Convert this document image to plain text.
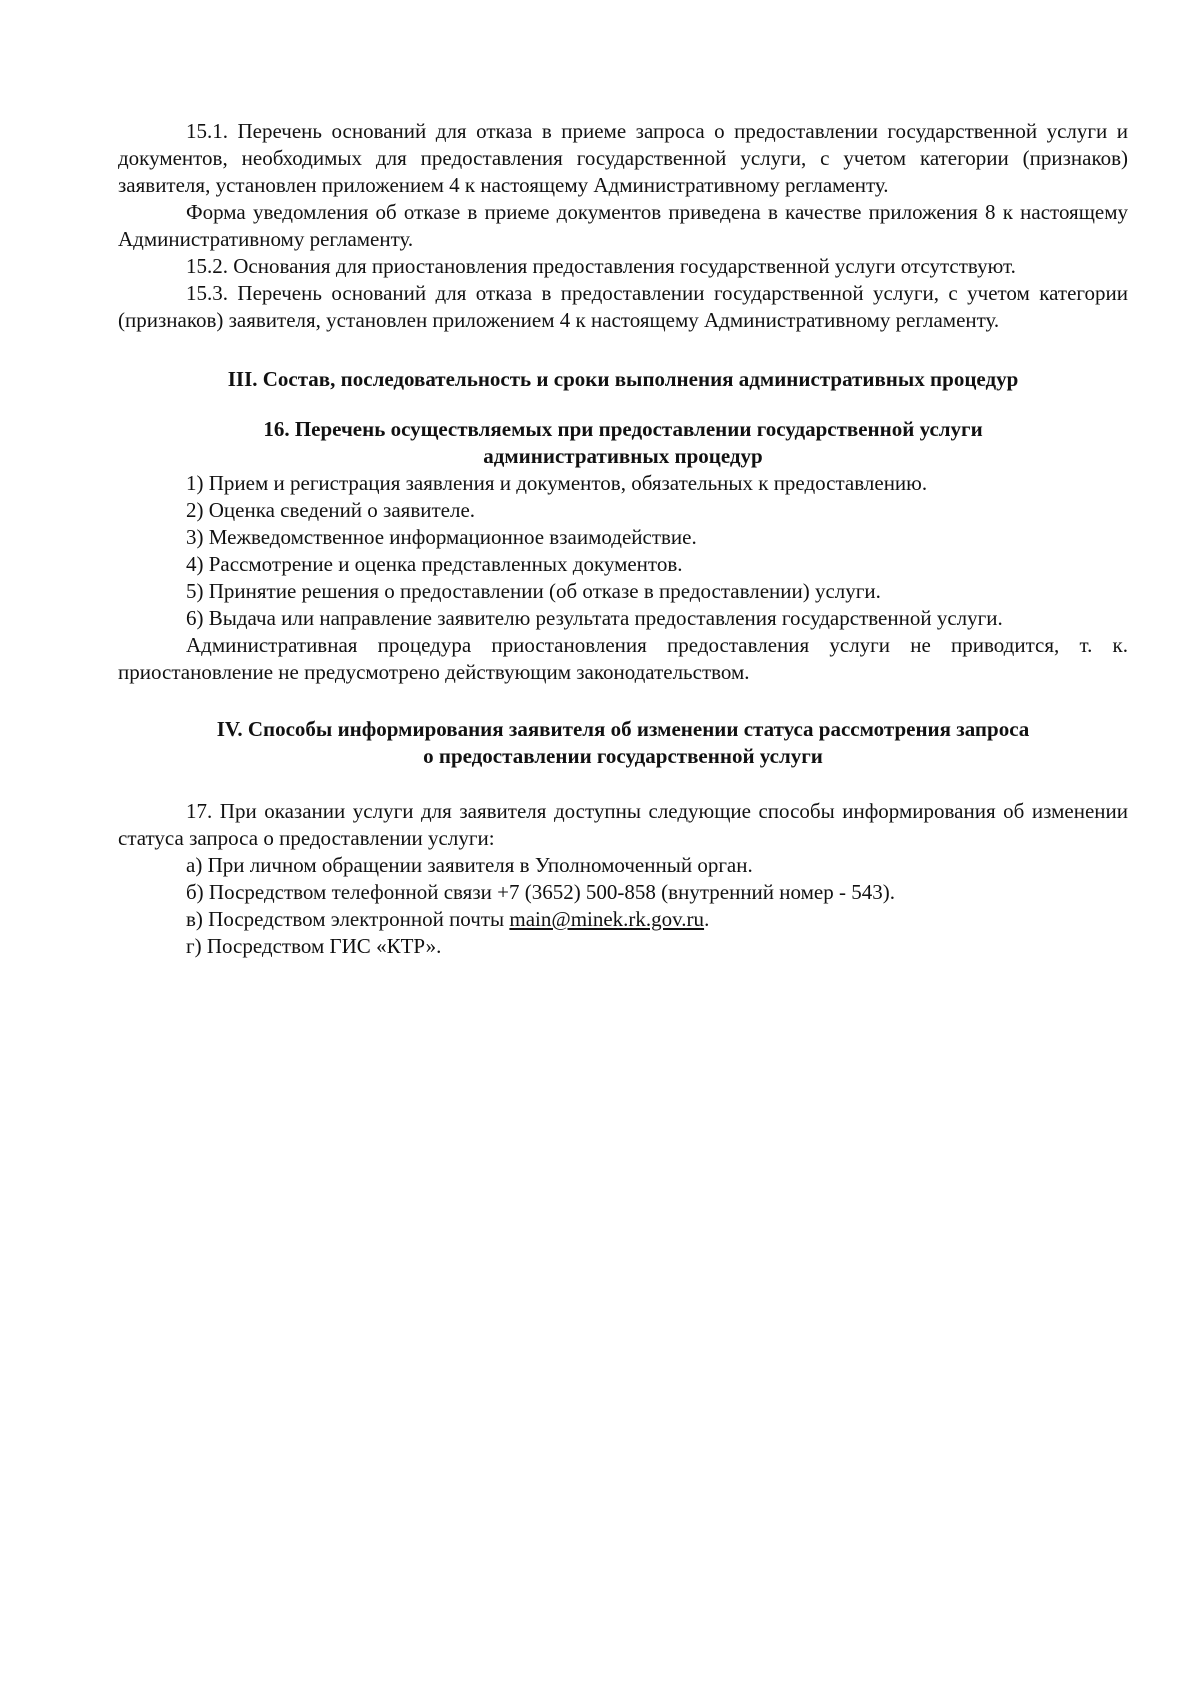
15.1. Перечень оснований для отказа в приеме запроса о предоставлении государственной услуги и документов, необходимых для предоставления государственной услуги, с учетом категории (признаков) заявителя, установлен приложением 4 к настоящему Административному регламенту.

Форма уведомления об отказе в приеме документов приведена в качестве приложения 8 к настоящему Административному регламенту.

15.2. Основания для приостановления предоставления государственной услуги отсутствуют.

15.3. Перечень оснований для отказа в предоставлении государственной услуги, с учетом категории (признаков) заявителя, установлен приложением 4 к настоящему Административному регламенту.

III. Состав, последовательность и сроки выполнения административных процедур
16. Перечень осуществляемых при предоставлении государственной услуги
административных процедур

1) Прием и регистрация заявления и документов, обязательных к предоставлению.

2) Оценка сведений о заявителе.

3) Межведомственное информационное взаимодействие.

4) Рассмотрение и оценка представленных документов.

5) Принятие решения о предоставлении (об отказе в предоставлении) услуги.

6) Выдача или направление заявителю результата предоставления государственной услуги.

Административная процедура приостановления предоставления услуги не приводится, т. к. приостановление не предусмотрено действующим законодательством.

IV. Способы информирования заявителя об изменении статуса рассмотрения запроса
о предоставлении государственной услуги

17. При оказании услуги для заявителя доступны следующие способы информирования об изменении статуса запроса о предоставлении услуги:

а) При личном обращении заявителя в Уполномоченный орган.

б) Посредством телефонной связи +7 (3652) 500-858 (внутренний номер - 543).

в) Посредством электронной почты main@minek.rk.gov.ru.

г) Посредством ГИС «КТР».
